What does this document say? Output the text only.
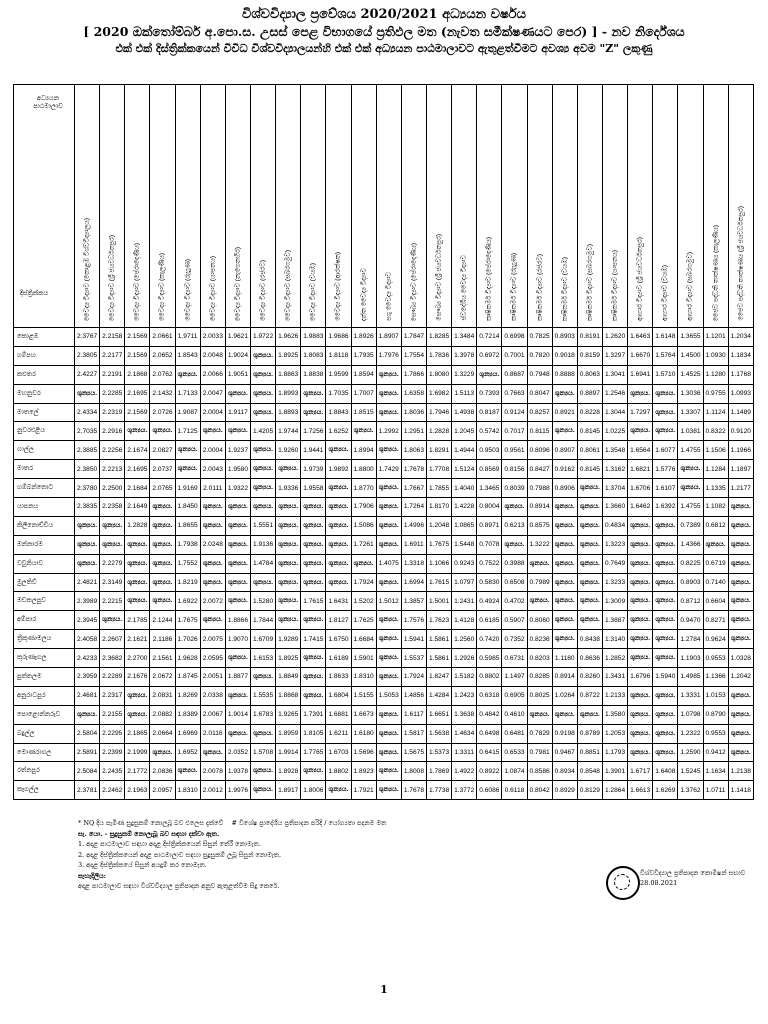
විශ්වවිද්‍යාල ප්‍රවේශය 2020/2021 අධ්‍යයන වර්ෂය
[ 2020 ඔක්තෝම්බර් අ.පො.ස. උසස් පෙළ විභාගයේ ප්‍රතිඵල මත (නැවත සමීක්ෂණයට පෙර) ] - නව නිර්දේශය
එක් එක් දිස්ත්‍රික්කයෙන් විවිධ විශ්වවිද්‍යාලයන්හි එක් එක් අධ්‍යයන පාඨමාලාවට ඇතුළත්වීමට අවශ්‍ය අවම "Z" ලකුණු
අධ්‍යයන පාඨමාලාව
දිස්ත්‍රික්කය	වෛද්‍ය විද්‍යාව (කොළඹ විශ්වවිද්‍යාලය)	වෛද්‍ය විද්‍යාව (ශ්‍රී ජයවර්ධනපුර)	වෛද්‍ය විද්‍යාව (පේරාදෙණිය)	වෛද්‍ය විද්‍යාව (කැලණිය)	වෛද්‍ය විද්‍යාව (රුහුණ)	වෛද්‍ය විද්‍යාව (යාපනය)	වෛද්‍ය විද්‍යාව (නැගෙනහිර)	වෛද්‍ය විද්‍යාව (රජරට)	වෛද්‍ය විද්‍යාව (සබරගමුව)	වෛද්‍ය විද්‍යාව (වයඹ)	වෛද්‍ය විද්‍යාව (ආරක්ෂක)	දන්ත වෛද්‍ය විද්‍යාව	පශු වෛද්‍ය විද්‍යාව	සෞඛ්‍ය විද්‍යාව (පේරාදෙණිය)	සෞඛ්‍ය විද්‍යාව (ශ්‍රී ජයවර්ධනපුර)	ස්වදේශීය වෛද්‍ය විද්‍යාව	කෘෂිකර්ම විද්‍යාව (පේරාදෙණිය)	කෘෂිකර්ම විද්‍යාව (රුහුණ)	කෘෂිකර්ම විද්‍යාව (රජරට)	කෘෂිකර්ම විද්‍යාව (වයඹ)	කෘෂිකර්ම විද්‍යාව (සබරගමුව)	කෘෂිකර්ම විද්‍යාව (යාපනය)	ආහාර විද්‍යාව (ශ්‍රී ජයවර්ධනපුර)	ආහාර විද්‍යාව (වයඹ)	ආහාර විද්‍යාව (සබරගමුව)	ජෛව පද්ධති තාක්ෂණය (කැලණිය)	ජෛව පද්ධති තාක්ෂණය (ශ්‍රී ජයවර්ධනපුර)

කොළඹ	2.3767	2.2158	2.1569	2.0661	1.9711	2.0033	1.9621	1.9722	1.9626	1.9883	1.9686	1.8926	1.8907	1.7847	1.8285	1.3484	0.7214	0.6998	0.7825	0.8903	0.8191	1.2620	1.6463	1.6148	1.3655	1.1201	1.2034
ගම්පහ	2.3805	2.2177	2.1569	2.0652	1.8543	2.0048	1.9024	ශුන්‍යය.	1.8925	1.8083	1.8118	1.7935	1.7976	1.7554	1.7836	1.3978	0.6972	0.7001	0.7820	0.9018	0.8159	1.3297	1.6670	1.5764	1.4500	1.0930	1.1834
කළුතර	2.4227	2.2191	2.1868	2.0762	ශුන්‍යය.	2.0066	1.9051	ශුන්‍යය.	1.8863	1.8838	1.9599	1.8594	ශුන්‍යය.	1.7866	1.8080	1.3229	ශුන්‍යය.	0.8687	0.7948	0.8888	0.8063	1.3041	1.6941	1.5710	1.4525	1.1280	1.1768
මහනුවර	ශුන්‍යය.	2.2285	2.1695	2.1432	1.7133	2.0047	ශුන්‍යය.	ශුන්‍යය.	1.8993	ශුන්‍යය.	1.7035	1.7007	ශුන්‍යය.	1.6358	1.6982	1.5113	0.7393	0.7663	0.8047	ශුන්‍යය.	0.8897	1.2546	ශුන්‍යය.	ශුන්‍යය.	1.3036	0.9755	1.0993
මාතලේ	2.4334	2.2319	2.1569	2.0726	1.9087	2.0004	1.9117	ශුන්‍යය.	1.8893	ශුන්‍යය.	1.8843	1.8515	ශුන්‍යය.	1.8036	1.7946	1.4938	0.8187	0.9124	0.8257	0.8921	0.8228	1.3044	1.7297	ශුන්‍යය.	1.3307	1.1124	1.1489
නුවරඑළිය	2.7035	2.2916	ශුන්‍යය.	ශුන්‍යය.	1.7125	ශුන්‍යය.	ශුන්‍යය.	1.4205	1.9744	1.7256	1.6252	ශුන්‍යය.	1.2992	1.2951	1.2828	1.2045	0.5742	0.7017	0.8115	ශුන්‍යය.	0.8145	1.0225	ශුන්‍යය.	ශුන්‍යය.	1.0381	0.8322	0.9120
ගාල්ල	2.3885	2.2256	2.1674	2.0827	ශුන්‍යය.	2.0004	1.9237	ශුන්‍යය.	1.9260	1.9441	ශුන්‍යය.	1.8994	ශුන්‍යය.	1.8063	1.8291	1.4944	0.9503	0.9561	0.8096	0.8907	0.8061	1.3548	1.6564	1.6077	1.4755	1.1506	1.1966
මාතර	2.3850	2.2213	2.1695	2.0737	ශුන්‍යය.	2.0043	1.9580	ශුන්‍යය.	ශුන්‍යය.	1.9739	1.9892	1.8800	1.7429	1.7678	1.7708	1.5124	0.8569	0.8156	0.8427	0.9162	0.8145	1.3162	1.6821	1.5776	ශුන්‍යය.	1.1284	1.1897
හම්බන්තොට	2.3780	2.2500	2.1684	2.0765	1.9169	2.0111	1.9322	ශුන්‍යය.	1.9336	1.9558	ශුන්‍යය.	1.8770	ශුන්‍යය.	1.7667	1.7855	1.4040	1.3465	0.8039	0.7988	0.8906	ශුන්‍යය.	1.3704	1.6706	1.6107	ශුන්‍යය.	1.1335	1.2177
යාපනය	2.3835	2.2358	2.1649	ශුන්‍යය.	1.8450	ශුන්‍යය.	ශුන්‍යය.	ශුන්‍යය.	ශුන්‍යය.	ශුන්‍යය.	ශුන්‍යය.	1.7906	ශුන්‍යය.	1.7264	1.8170	1.4228	0.8004	ශුන්‍යය.	0.8914	ශුන්‍යය.	ශුන්‍යය.	1.3660	1.6462	1.6392	1.4755	1.1082	ශුන්‍යය.
කිලිනොච්චිය	ශුන්‍යය.	ශුන්‍යය.	1.2828	ශුන්‍යය.	1.8655	ශුන්‍යය.	ශුන්‍යය.	1.5551	ශුන්‍යය.	ශුන්‍යය.	ශුන්‍යය.	1.5086	ශුන්‍යය.	1.4996	1.2048	1.0865	0.8971	0.6213	0.8575	ශුන්‍යය.	ශුන්‍යය.	0.4834	ශුන්‍යය.	ශුන්‍යය.	0.7389	0.6812	ශුන්‍යය.
මන්නාරම	ශුන්‍යය.	ශුන්‍යය.	ශුන්‍යය.	ශුන්‍යය.	1.7938	2.0248	ශුන්‍යය.	1.9136	ශුන්‍යය.	ශුන්‍යය.	ශුන්‍යය.	1.7261	ශුන්‍යය.	1.6911	1.7675	1.5448	0.7078	ශුන්‍යය.	1.3222	ශුන්‍යය.	ශුන්‍යය.	1.3223	ශුන්‍යය.	ශුන්‍යය.	1.4366	ශුන්‍යය.	ශුන්‍යය.
වවුනියාව	ශුන්‍යය.	2.2279	ශුන්‍යය.	ශුන්‍යය.	1.7552	ශුන්‍යය.	ශුන්‍යය.	1.4784	ශුන්‍යය.	ශුන්‍යය.	ශුන්‍යය.	ශුන්‍යය.	1.4075	1.3318	1.1066	0.9243	0.7522	0.3988	ශුන්‍යය.	ශුන්‍යය.	ශුන්‍යය.	0.7649	ශුන්‍යය.	ශුන්‍යය.	0.8225	0.6719	ශුන්‍යය.
මුලතිව්	2.4821	2.3149	ශුන්‍යය.	ශුන්‍යය.	1.8219	ශුන්‍යය.	ශුන්‍යය.	ශුන්‍යය.	ශුන්‍යය.	ශුන්‍යය.	ශුන්‍යය.	1.7924	ශුන්‍යය.	1.6994	1.7615	1.0797	0.5830	0.6508	0.7989	ශුන්‍යය.	ශුන්‍යය.	1.3233	ශුන්‍යය.	ශුන්‍යය.	0.8903	0.7140	ශුන්‍යය.
මඩකලපුව	2.3989	2.2215	ශුන්‍යය.	ශුන්‍යය.	1.6922	2.0072	ශුන්‍යය.	1.5280	ශුන්‍යය.	1.7615	1.6431	1.5202	1.5012	1.3857	1.5001	1.2431	0.4924	0.4702	ශුන්‍යය.	ශුන්‍යය.	ශුන්‍යය.	1.3009	ශුන්‍යය.	ශුන්‍යය.	0.8712	0.6604	ශුන්‍යය.
අම්පාර	2.3945	ශුන්‍යය.	2.1785	2.1244	1.7675	ශුන්‍යය.	1.8866	1.7844	ශුන්‍යය.	ශුන්‍යය.	1.8127	1.7625	ශුන්‍යය.	1.7576	1.7623	1.4128	0.6185	0.5907	0.8060	ශුන්‍යය.	ශුන්‍යය.	1.3887	ශුන්‍යය.	ශුන්‍යය.	0.9470	0.8271	ශුන්‍යය.
ත්‍රිකුණාමලය	2.4058	2.2607	2.1621	2.1186	1.7026	2.0075	1.9070	1.6709	1.9289	1.7415	1.6750	1.6684	ශුන්‍යය.	1.5941	1.5861	1.2560	0.7420	0.7352	0.8236	ශුන්‍යය.	0.8438	1.3140	ශුන්‍යය.	ශුන්‍යය.	1.2784	0.9624	ශුන්‍යය.
කුරුණෑගල	2.4233	2.3682	2.2700	2.1561	1.9628	2.0595	ශුන්‍යය.	1.6153	1.8925	ශුන්‍යය.	1.6189	1.5901	ශුන්‍යය.	1.5537	1.5861	1.2926	0.5985	0.6731	0.8203	1.1180	0.8636	1.2852	ශුන්‍යය.	ශුන්‍යය.	1.1903	0.9553	1.0328
පුත්තලම	2.3959	2.2289	2.1676	2.0672	1.8745	2.0051	1.8877	ශුන්‍යය.	1.8849	ශුන්‍යය.	1.8633	1.8310	ශුන්‍යය.	1.7924	1.8247	1.5182	0.8802	1.1497	0.8285	0.8914	0.8260	1.3431	1.6796	1.5940	1.4985	1.1366	1.2042
අනුරාධපුර	2.4681	2.2317	ශුන්‍යය.	2.0831	1.8269	2.0338	ශුන්‍යය.	1.5535	1.8868	ශුන්‍යය.	1.6804	1.5155	1.5053	1.4856	1.4284	1.2423	0.6318	0.6905	0.8025	1.0264	0.8722	1.2133	ශුන්‍යය.	ශුන්‍යය.	1.3331	1.0153	ශුන්‍යය.
පොළොන්නරුව	ශුන්‍යය.	2.2155	ශුන්‍යය.	2.0882	1.8389	2.0067	1.9014	1.6783	1.9265	1.7391	1.6881	1.6673	ශුන්‍යය.	1.6117	1.6651	1.3638	0.4842	0.4610	ශුන්‍යය.	ශුන්‍යය.	ශුන්‍යය.	1.3580	ශුන්‍යය.	ශුන්‍යය.	1.0798	0.8790	ශුන්‍යය.
බදුල්ල	2.5804	2.2295	2.1865	2.0664	1.6969	2.0116	ශුන්‍යය.	ශුන්‍යය.	1.8959	1.8105	1.6211	1.6180	ශුන්‍යය.	1.5817	1.5638	1.4634	0.6498	0.6481	0.7829	0.9198	0.8789	1.2053	ශුන්‍යය.	ශුන්‍යය.	1.2322	0.9553	ශුන්‍යය.
මොණරාගල	2.5891	2.2399	2.1999	ශුන්‍යය.	1.6952	ශුන්‍යය.	2.0352	1.5708	1.9914	1.7765	1.6703	1.5696	ශුන්‍යය.	1.5675	1.5373	1.3311	0.6415	0.6533	0.7981	0.9467	0.8851	1.1793	ශුන්‍යය.	ශුන්‍යය.	1.2590	0.9412	ශුන්‍යය.
රත්නපුර	2.5084	2.2435	2.1772	2.0836	ශුන්‍යය.	2.0078	1.9378	ශුන්‍යය.	1.8928	ශුන්‍යය.	1.8802	1.8923	ශුන්‍යය.	1.8008	1.7869	1.4922	0.8922	1.0874	0.8586	0.8934	0.8548	1.3901	1.6717	1.6408	1.5245	1.1634	1.2138
කෑගල්ල	2.3781	2.2462	2.1963	2.0957	1.8310	2.0012	1.9976	ශුන්‍යය.	1.8917	1.8006	ශුන්‍යය.	1.7921	ශුන්‍යය.	1.7678	1.7738	1.3772	0.6086	0.6118	0.8042	0.8929	0.8129	1.2864	1.6613	1.6269	1.3762	1.0711	1.1418
* NQ දිය පැමිණ සුදුසුකම් නොලබූ බව එලෙස දැක්වේ # විශේෂ ප්‍රාදේශීය ප්‍රතිපාදන පරිදි / යෝග්‍යතා පදනම මත
සැ. යො. - සුදුසුකම් නොලැබූ බව සඳහා දක්වා ඇත.
1. අදාළ පාඨමාලාව සඳහා අදාළ දිස්ත්‍රික්කයෙන් සිසුන් තේරී නොමැත.
2. අදාළ දිස්ත්‍රික්කයෙන් අදාළ පාඨමාලාව සඳහා සුදුසුකම් ලබූ සිසුන් නොමැත.
3. අදාළ දිස්ත්‍රික්කයේ සිසුන් අයදුම් කර නොමැත.
පැහැදිලිය:
අදාළ පාඨමාලාව සඳහා විශ්වවිද්‍යාල ප්‍රතිපාදන අනුව ඇතුළත්වීම සිදු කෙරේ.
විශ්වවිද්‍යාල ප්‍රතිපාදන කොමිෂන් සභාව
28.08.2021
1
